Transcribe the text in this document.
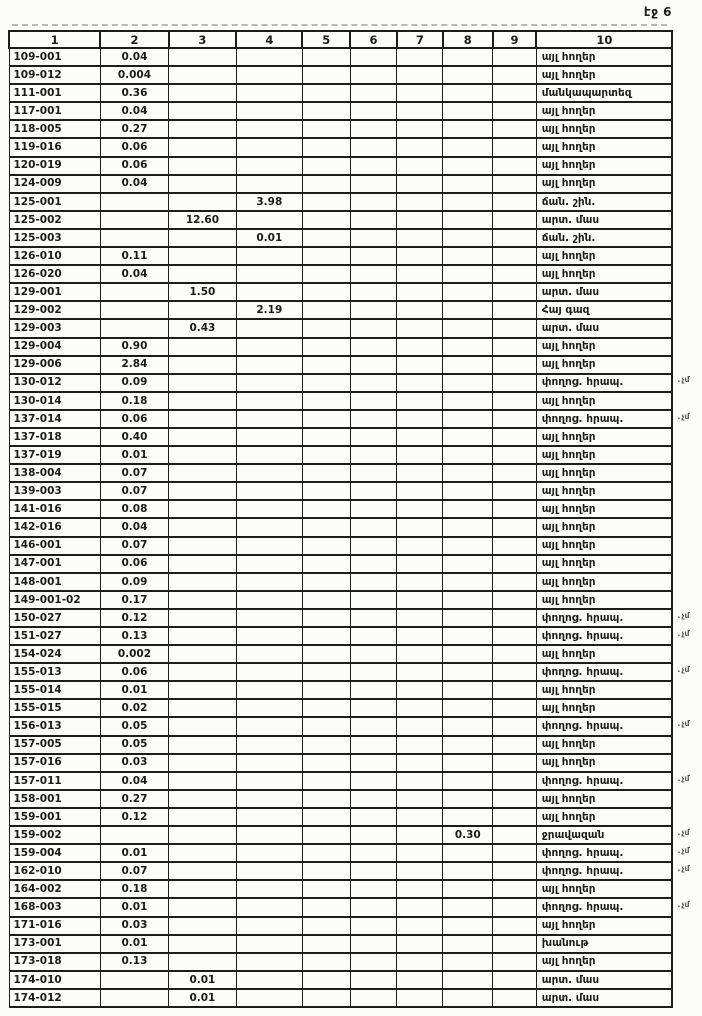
էջ 6
1	2	3	4	5	6	7	8	9	10	
109-001	0.04								այլ հողեր	
109-012	0.004								այլ հողեր	
111-001	0.36								մանկապարտեզ	
117-001	0.04								այլ հողեր	
118-005	0.27								այլ հողեր	
119-016	0.06								այլ հողեր	
120-019	0.06								այլ հողեր	
124-009	0.04								այլ հողեր	
125-001			3.98						ճան. շին.	
125-002		12.60							արտ. մաս	
125-003			0.01						ճան. շին.	
126-010	0.11								այլ հողեր	
126-020	0.04								այլ հողեր	
129-001		1.50							արտ. մաս	
129-002			2.19						Հայ գազ	
129-003		0.43							արտ. մաս	
129-004	0.90								այլ հողեր	
129-006	2.84								այլ հողեր	
130-012	0.09								փողոց. հրապ.	. $^{չմ}$
130-014	0.18								այլ հողեր	
137-014	0.06								փողոց. հրապ.	. $^{չմ}$
137-018	0.40								այլ հողեր	
137-019	0.01								այլ հողեր	
138-004	0.07								այլ հողեր	
139-003	0.07								այլ հողեր	
141-016	0.08								այլ հողեր	
142-016	0.04								այլ հողեր	
146-001	0.07								այլ հողեր	
147-001	0.06								այլ հողեր	
148-001	0.09								այլ հողեր	
149-001-02	0.17								այլ հողեր	
150-027	0.12								փողոց. հրապ.	. $^{չմ}$
151-027	0.13								փողոց. հրապ.	. $^{չմ}$
154-024	0.002								այլ հողեր	
155-013	0.06								փողոց. հրապ.	. $^{չմ}$
155-014	0.01								այլ հողեր	
155-015	0.02								այլ հողեր	
156-013	0.05								փողոց. հրապ.	. $^{չմ}$
157-005	0.05								այլ հողեր	
157-016	0.03								այլ հողեր	
157-011	0.04								փողոց. հրապ.	. $^{չմ}$
158-001	0.27								այլ հողեր	
159-001	0.12								այլ հողեր	
159-002							0.30		ջրավազան	. $^{չմ}$
159-004	0.01								փողոց. հրապ.	. $^{չմ}$
162-010	0.07								փողոց. հրապ.	. $^{չմ}$
164-002	0.18								այլ հողեր	
168-003	0.01								փողոց. հրապ.	. $^{չմ}$
171-016	0.03								այլ հողեր	
173-001	0.01								խանութ	
173-018	0.13								այլ հողեր	
174-010		0.01							արտ. մաս	
174-012		0.01							արտ. մաս	
